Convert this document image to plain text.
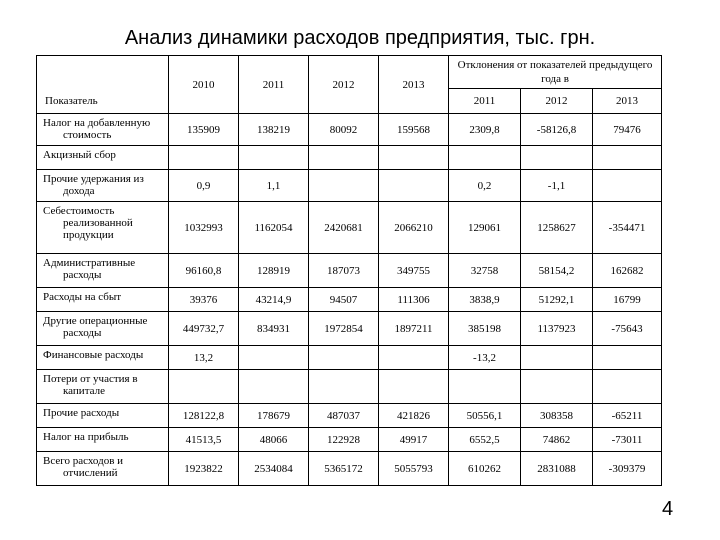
Анализ динамики расходов предприятия, тыс. грн.
Показатель	2010	2011	2012	2013	Отклонения от показателей предыдущего года в		
					2011	2012	2013

Налог на добавленную
стоимость	135909	138219	80092	159568	2309,8	-58126,8	79476

Акцизный сбор							

Прочие удержания из
дохода	0,9	1,1			0,2	-1,1	

Себестоимость
реализованной продукции	1032993	1162054	2420681	2066210	129061	1258627	-354471

Административные
расходы	96160,8	128919	187073	349755	32758	58154,2	162682

Расходы на сбыт	39376	43214,9	94507	111306	3838,9	51292,1	16799

Другие операционные
расходы	449732,7	834931	1972854	1897211	385198	1137923	-75643

Финансовые расходы	13,2				-13,2		

Потери от участия в
капитале							

Прочие расходы	128122,8	178679	487037	421826	50556,1	308358	-65211

Налог на прибыль	41513,5	48066	122928	49917	6552,5	74862	-73011

Всего расходов и
отчислений	1923822	2534084	5365172	5055793	610262	2831088	-309379
4
